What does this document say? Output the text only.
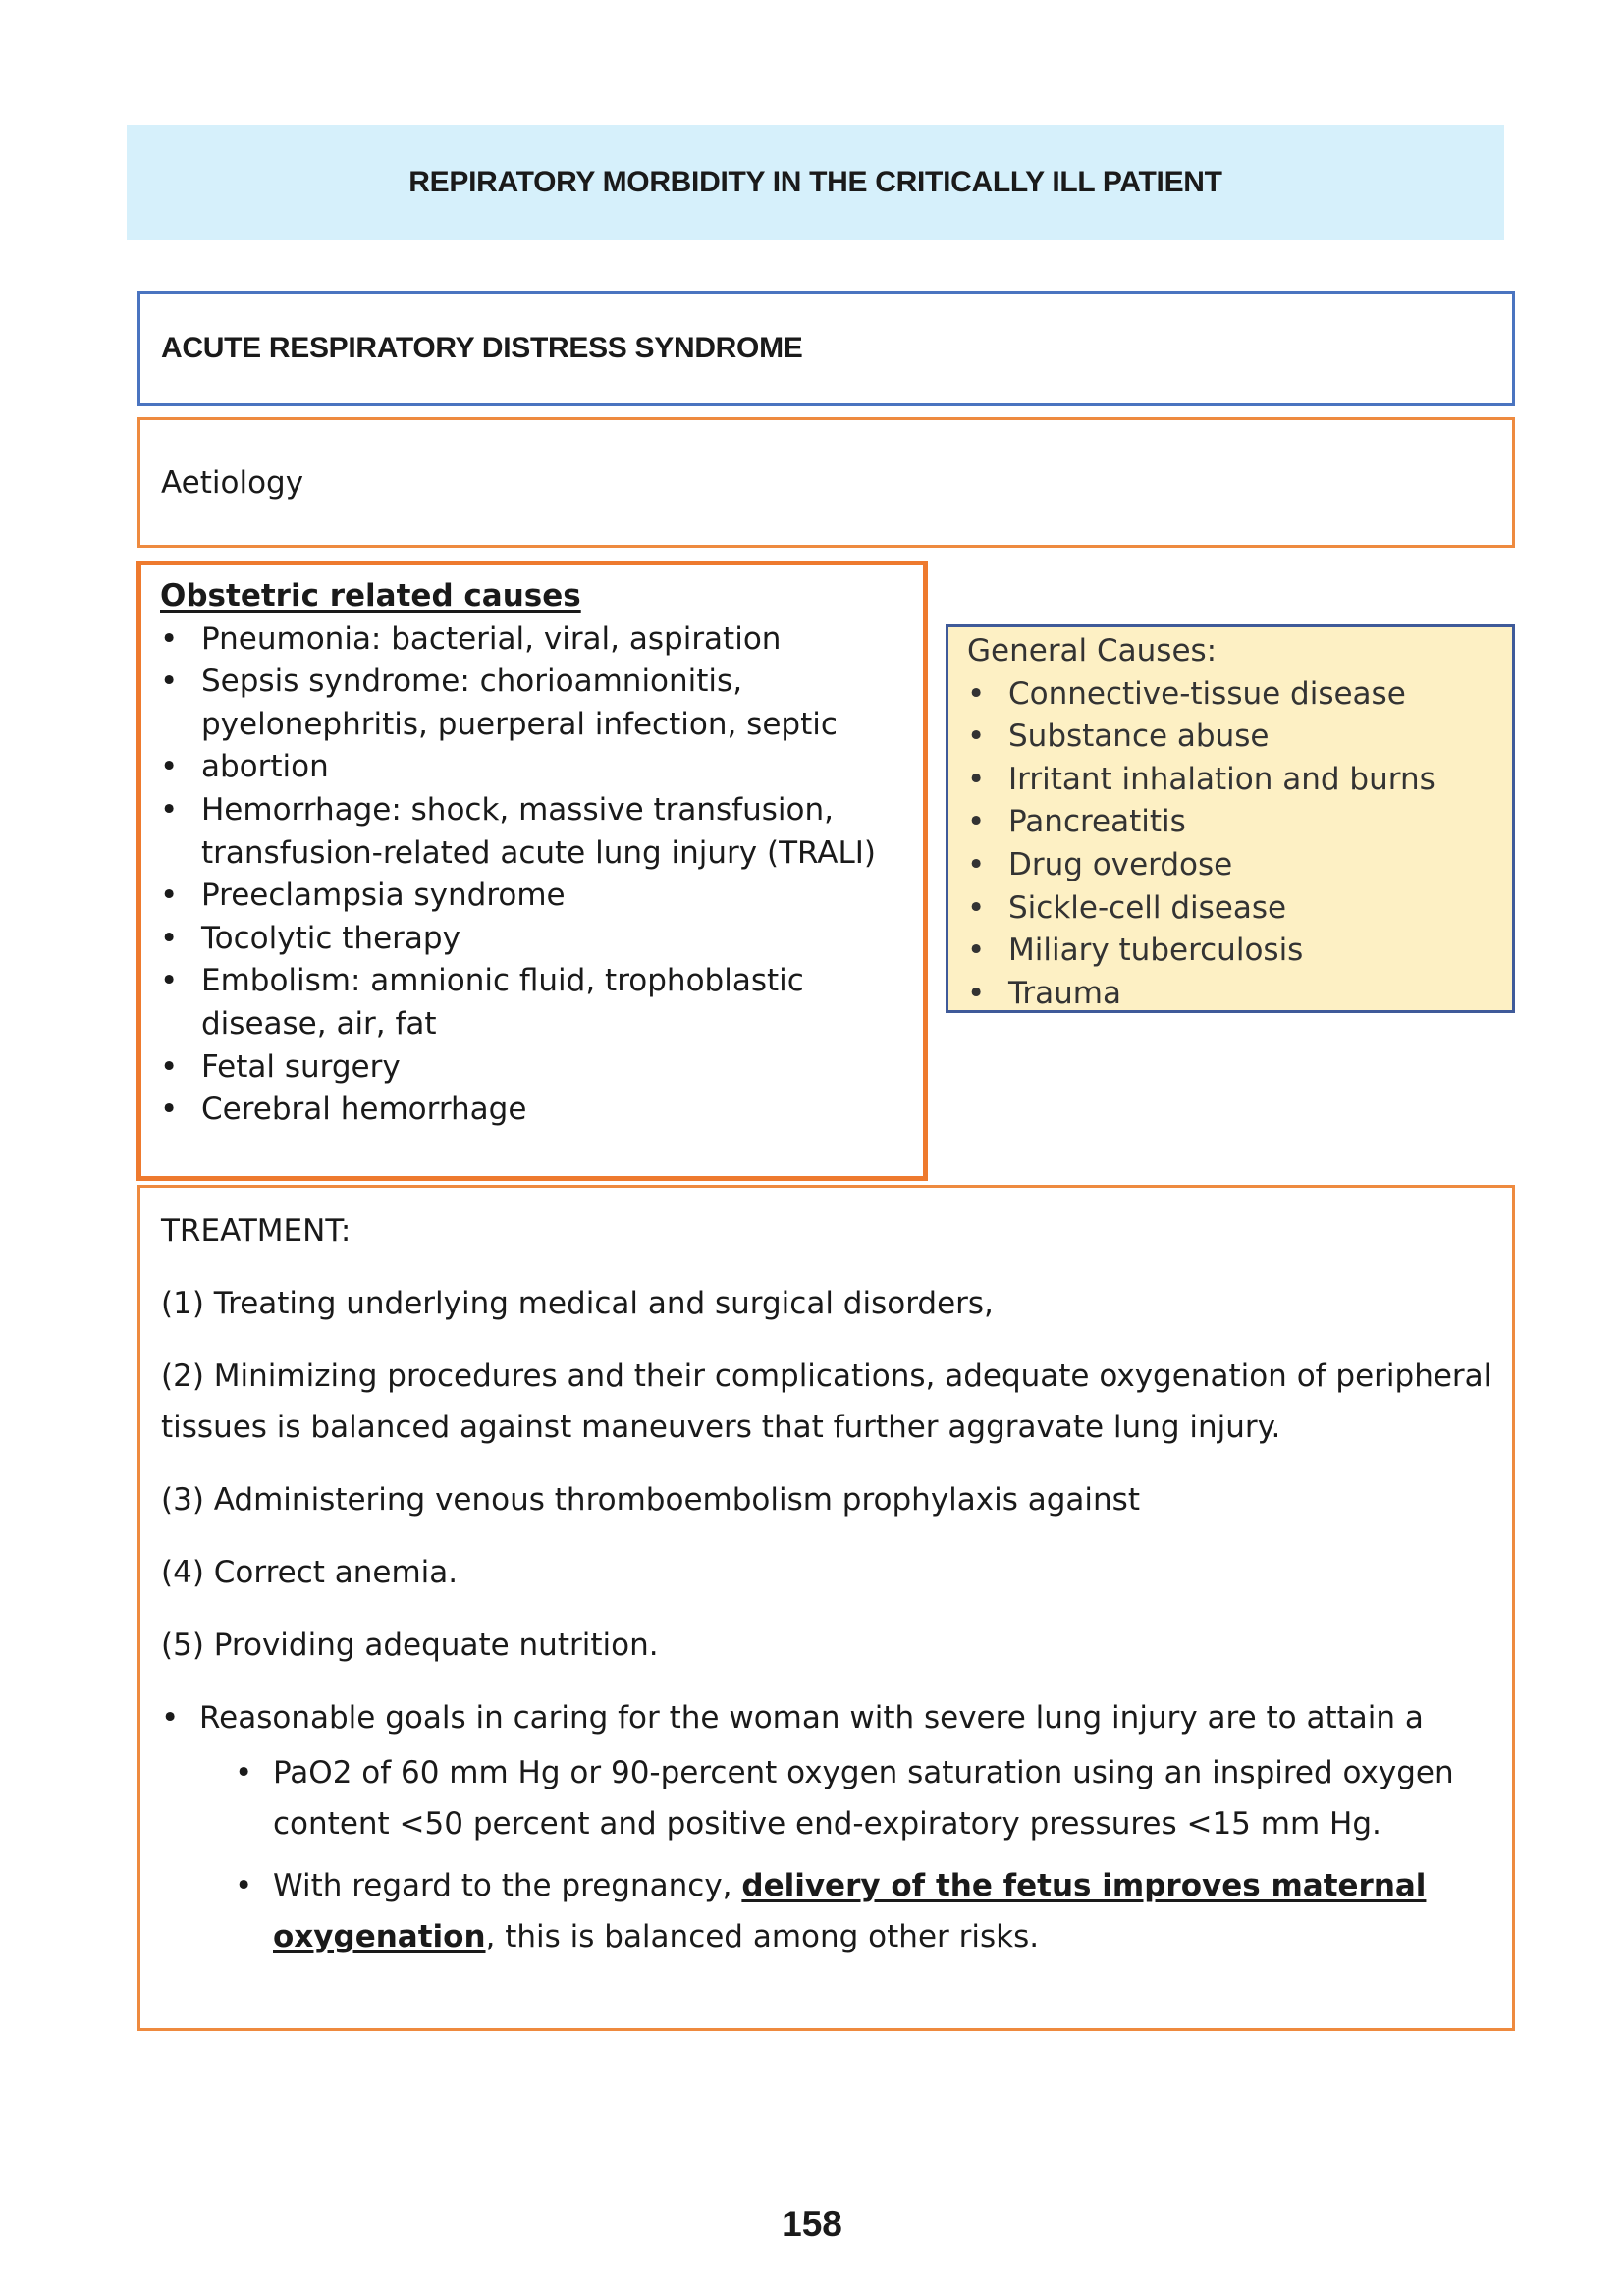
REPIRATORY MORBIDITY IN THE CRITICALLY ILL PATIENT
ACUTE RESPIRATORY DISTRESS SYNDROME
Aetiology
Obstetric related causes
• Pneumonia: bacterial, viral, aspiration
• Sepsis syndrome: chorioamnionitis, pyelonephritis, puerperal infection, septic
• abortion
• Hemorrhage: shock, massive transfusion, transfusion-related acute lung injury (TRALI)
• Preeclampsia syndrome
• Tocolytic therapy
• Embolism: amnionic fluid, trophoblastic disease, air, fat
• Fetal surgery
• Cerebral hemorrhage
General Causes:
• Connective-tissue disease
• Substance abuse
• Irritant inhalation and burns
• Pancreatitis
• Drug overdose
• Sickle-cell disease
• Miliary tuberculosis
• Trauma

TREATMENT:

(1) Treating underlying medical and surgical disorders,

(2) Minimizing procedures and their complications, adequate oxygenation of peripheral tissues is balanced against maneuvers that further aggravate lung injury.

(3) Administering venous thromboembolism prophylaxis against

(4) Correct anemia.

(5) Providing adequate nutrition.

• Reasonable goals in caring for the woman with severe lung injury are to attain a
• PaO2 of 60 mm Hg or 90-percent oxygen saturation using an inspired oxygen content <50 percent and positive end-expiratory pressures <15 mm Hg.
• With regard to the pregnancy, delivery of the fetus improves maternal oxygenation, this is balanced among other risks.
158
